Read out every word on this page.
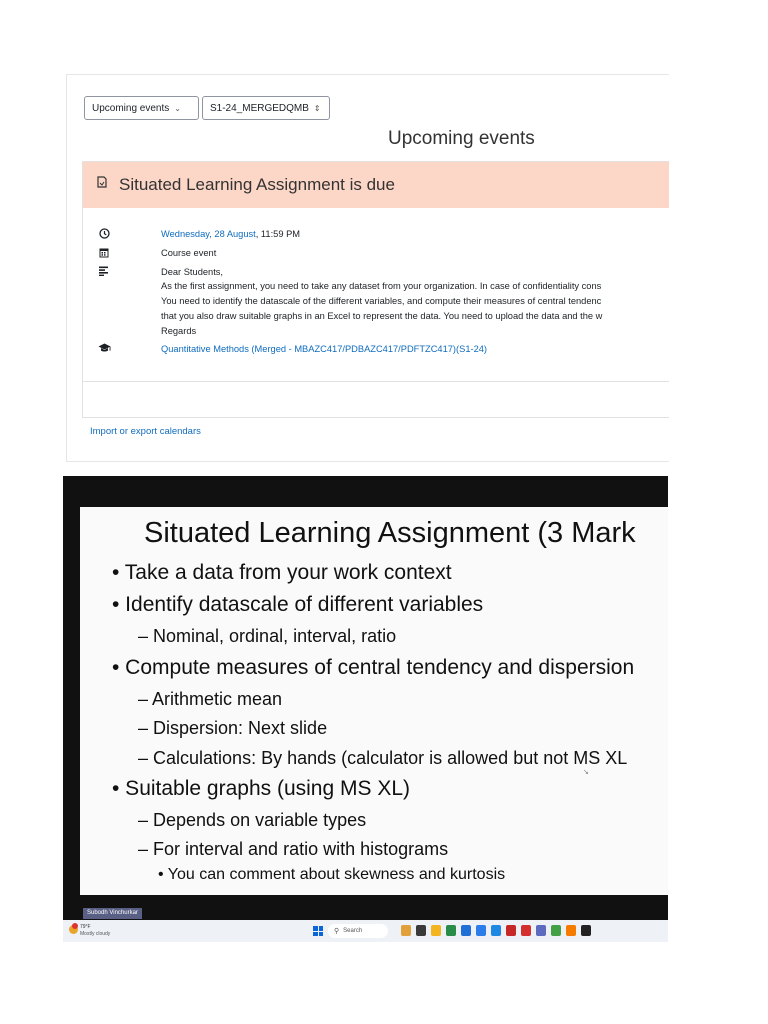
Upcoming events ⌄	S1-24_MERGEDQMB ⇕
Upcoming events
Situated Learning Assignment is due
Wednesday, 28 August, 11:59 PM
Course event
Dear Students,
As the first assignment, you need to take any dataset from your organization. In case of confidentiality cons
You need to identify the datascale of the different variables, and compute their measures of central tendenc
that you also draw suitable graphs in an Excel to represent the data. You need to upload the data and the w
Regards
Quantitative Methods (Merged - MBAZC417/PDBAZC417/PDFTZC417)(S1-24)
Import or export calendars
Situated Learning Assignment (3 Mark
• Take a data from your work context
• Identify datascale of different variables
– Nominal, ordinal, interval, ratio
• Compute measures of central tendency and dispersion
– Arithmetic mean
– Dispersion: Next slide
– Calculations: By hands (calculator is allowed but not MS XL
• Suitable graphs (using MS XL)
– Depends on variable types
– For interval and ratio with histograms
• You can comment about skewness and kurtosis
↘
Subodh Vinchurkar
79°F
Mostly cloudy	⚲ Search
